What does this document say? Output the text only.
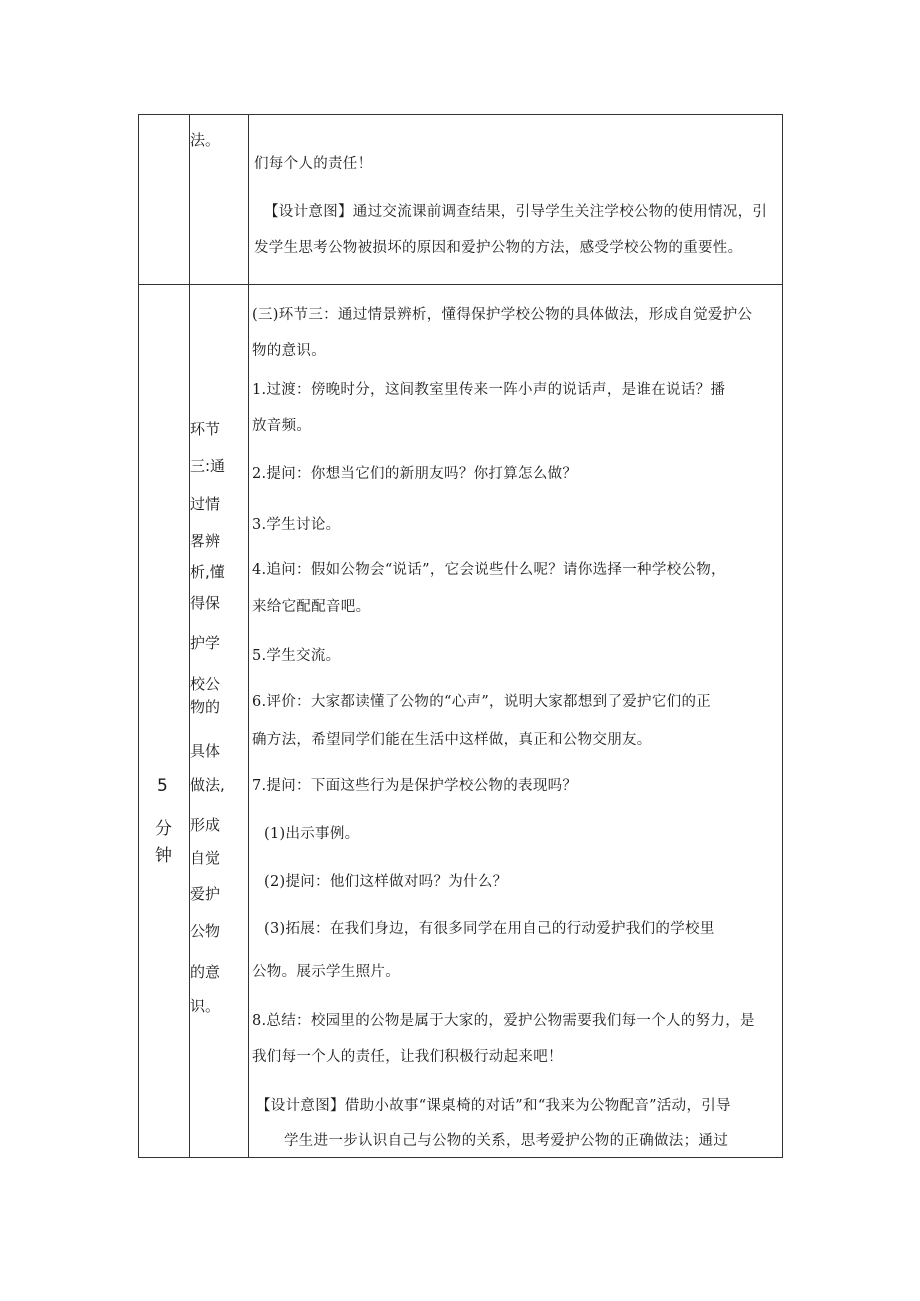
法。
们每个人的责任！
【设计意图】通过交流课前调查结果，引导学生关注学校公物的使用情况，引
发学生思考公物被损坏的原因和爱护公物的方法，感受学校公物的重要性。
5
分
钟
环节
三:通
过情
畧辨
析,懂
得保
护学
校公
物的
具体
做法,
形成
自觉
爱护
公物
的意
识。
(三)环节三：通过情景辨析，懂得保护学校公物的具体做法，形成自觉爱护公
物的意识。
1.过渡：傍晚时分，这间教室里传来一阵小声的说话声，是谁在说话？播
放音频。
2.提问：你想当它们的新朋友吗？你打算怎么做？
3.学生讨论。
4.追问：假如公物会“说话”，它会说些什么呢？请你选择一种学校公物，
来给它配配音吧。
5.学生交流。
6.评价：大家都读懂了公物的“心声”，说明大家都想到了爱护它们的正
确方法，希望同学们能在生活中这样做，真正和公物交朋友。
7.提问：下面这些行为是保护学校公物的表现吗？
(1)出示事例。
(2)提问：他们这样做对吗？为什么？
(3)拓展：在我们身边，有很多同学在用自己的行动爱护我们的学校里
公物。展示学生照片。
8.总结：校园里的公物是属于大家的，爱护公物需要我们每一个人的努力，是
我们每一个人的责任，让我们积极行动起来吧！
【设计意图】借助小故事“课桌椅的对话”和“我来为公物配音”活动，引导
学生进一步认识自己与公物的关系，思考爱护公物的正确做法；通过
